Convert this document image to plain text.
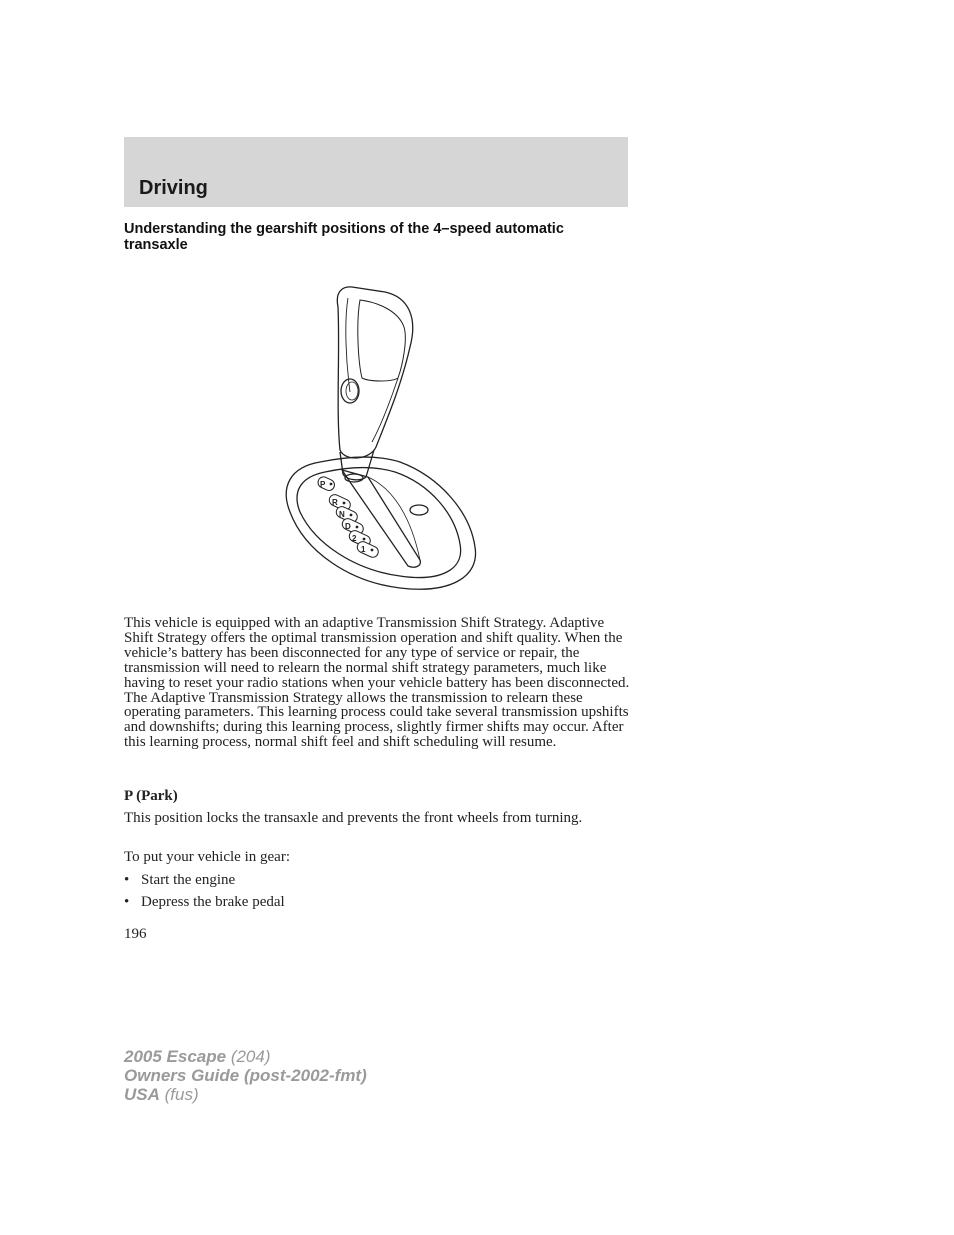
Driving
Understanding the gearshift positions of the 4–speed automatic transaxle
P
R
N
D
2
1
This vehicle is equipped with an adaptive Transmission Shift Strategy. Adaptive Shift Strategy offers the optimal transmission operation and shift quality. When the vehicle’s battery has been disconnected for any type of service or repair, the transmission will need to relearn the normal shift strategy parameters, much like having to reset your radio stations when your vehicle battery has been disconnected. The Adaptive Transmission Strategy allows the transmission to relearn these operating parameters. This learning process could take several transmission upshifts and downshifts; during this learning process, slightly firmer shifts may occur. After this learning process, normal shift feel and shift scheduling will resume.
P (Park)
This position locks the transaxle and prevents the front wheels from turning.
To put your vehicle in gear:
• Start the engine
• Depress the brake pedal
196
2005 Escape (204)
Owners Guide (post-2002-fmt)
USA (fus)
